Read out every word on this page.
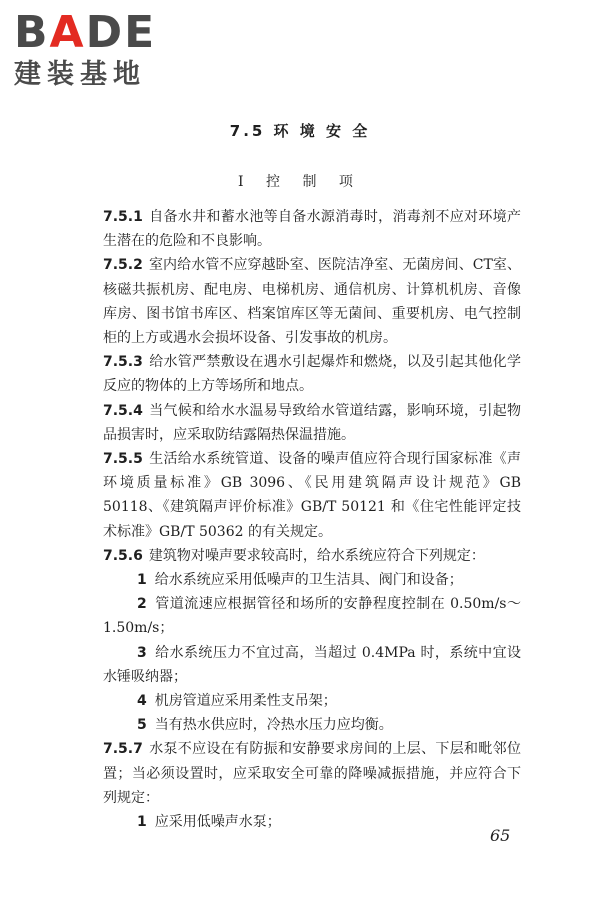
BADE
建装基地
7.5 环 境 安 全
Ⅰ 控 制 项

7.5.1 自备水井和蓄水池等自备水源消毒时，消毒剂不应对环境产生潜在的危险和不良影响。

7.5.2 室内给水管不应穿越卧室、医院洁净室、无菌房间、CT室、核磁共振机房、配电房、电梯机房、通信机房、计算机机房、音像库房、图书馆书库区、档案馆库区等无菌间、重要机房、电气控制柜的上方或遇水会损坏设备、引发事故的机房。

7.5.3 给水管严禁敷设在遇水引起爆炸和燃烧，以及引起其他化学反应的物体的上方等场所和地点。

7.5.4 当气候和给水水温易导致给水管道结露，影响环境，引起物品损害时，应采取防结露隔热保温措施。

7.5.5 生活给水系统管道、设备的噪声值应符合现行国家标准《声环境质量标准》GB 3096、《民用建筑隔声设计规范》GB 50118、《建筑隔声评价标准》GB/T 50121 和《住宅性能评定技术标准》GB/T 50362 的有关规定。

7.5.6 建筑物对噪声要求较高时，给水系统应符合下列规定：

1 给水系统应采用低噪声的卫生洁具、阀门和设备；

2 管道流速应根据管径和场所的安静程度控制在 0.50m/s～1.50m/s；

3 给水系统压力不宜过高，当超过 0.4MPa 时，系统中宜设水锤吸纳器；

4 机房管道应采用柔性支吊架；

5 当有热水供应时，冷热水压力应均衡。

7.5.7 水泵不应设在有防振和安静要求房间的上层、下层和毗邻位置；当必须设置时，应采取安全可靠的降噪减振措施，并应符合下列规定：

1 应采用低噪声水泵；

65
